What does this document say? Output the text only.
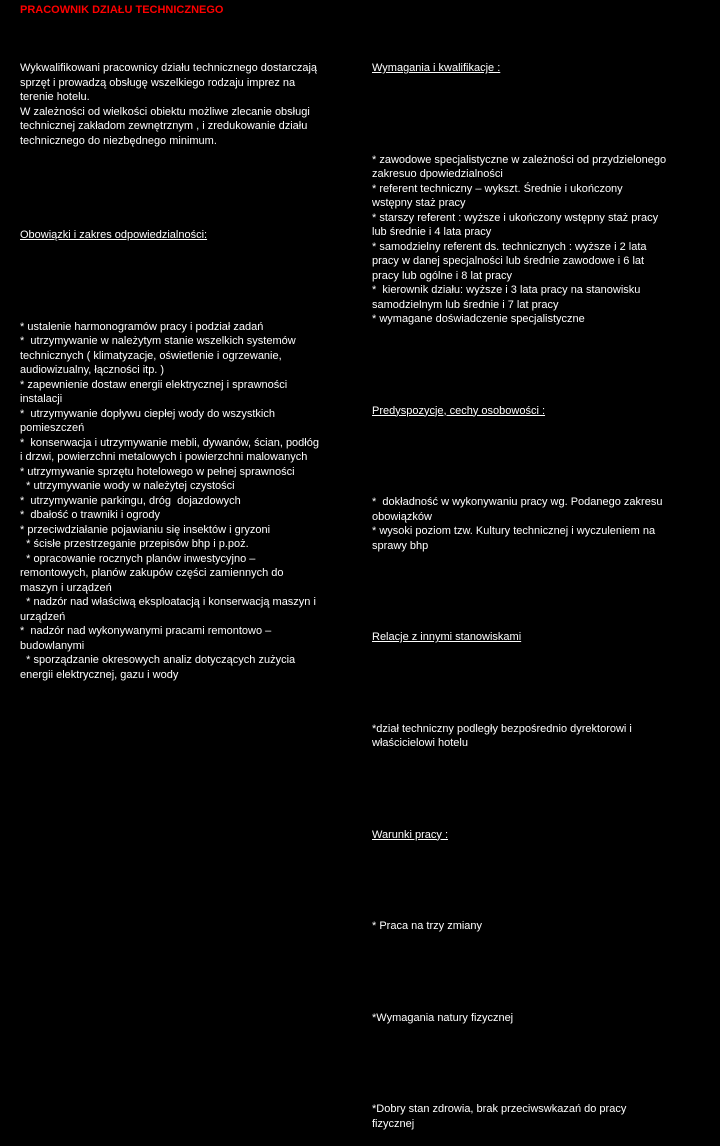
PRACOWNIK DZIAŁU TECHNICZNEGO

Wykwalifikowani pracownicy działu technicznego dostarczają
sprzęt i prowadzą obsługę wszelkiego rodzaju imprez na
terenie hotelu.
W zależności od wielkości obiektu możliwe zlecanie obsługi
technicznej zakładom zewnętrznym , i zredukowanie działu
technicznego do niezbędnego minimum.

Obowiązki i zakres odpowiedzialności:

* ustalenie harmonogramów pracy i podział zadań
*  utrzymywanie w należytym stanie wszelkich systemów
technicznych ( klimatyzacje, oświetlenie i ogrzewanie,
audiowizualny, łączności itp. )
* zapewnienie dostaw energii elektrycznej i sprawności
instalacji
*  utrzymywanie dopływu ciepłej wody do wszystkich
pomieszczeń
*  konserwacja i utrzymywanie mebli, dywanów, ścian, podłóg
i drzwi, powierzchni metalowych i powierzchni malowanych
* utrzymywanie sprzętu hotelowego w pełnej sprawności
* utrzymywanie wody w należytej czystości
*  utrzymywanie parkingu, dróg  dojazdowych
*  dbałość o trawniki i ogrody
* przeciwdziałanie pojawianiu się insektów i gryzoni
* ścisłe przestrzeganie przepisów bhp i p.poż.
* opracowanie rocznych planów inwestycyjno –
remontowych, planów zakupów części zamiennych do
maszyn i urządzeń
* nadzór nad właściwą eksploatacją i konserwacją maszyn i
urządzeń
*  nadzór nad wykonywanymi pracami remontowo –
budowlanymi
* sporządzanie okresowych analiz dotyczących zużycia
energii elektrycznej, gazu i wody

Wymagania i kwalifikacje :

* zawodowe specjalistyczne w zależności od przydzielonego
zakresuo dpowiedzialności
* referent techniczny – wykszt. Średnie i ukończony
wstępny staż pracy
* starszy referent : wyższe i ukończony wstępny staż pracy
lub średnie i 4 lata pracy
* samodzielny referent ds. technicznych : wyższe i 2 lata
pracy w danej specjalności lub średnie zawodowe i 6 lat
pracy lub ogólne i 8 lat pracy
*  kierownik działu: wyższe i 3 lata pracy na stanowisku
samodzielnym lub średnie i 7 lat pracy
* wymagane doświadczenie specjalistyczne

Predyspozycje, cechy osobowości :

*  dokładność w wykonywaniu pracy wg. Podanego zakresu
obowiązków
* wysoki poziom tzw. Kultury technicznej i wyczuleniem na
sprawy bhp

Relacje z innymi stanowiskami

*dział techniczny podległy bezpośrednio dyrektorowi i
właścicielowi hotelu

Warunki pracy :

* Praca na trzy zmiany

*Wymagania natury fizycznej

*Dobry stan zdrowia, brak przeciwswkazań do pracy
fizycznej
